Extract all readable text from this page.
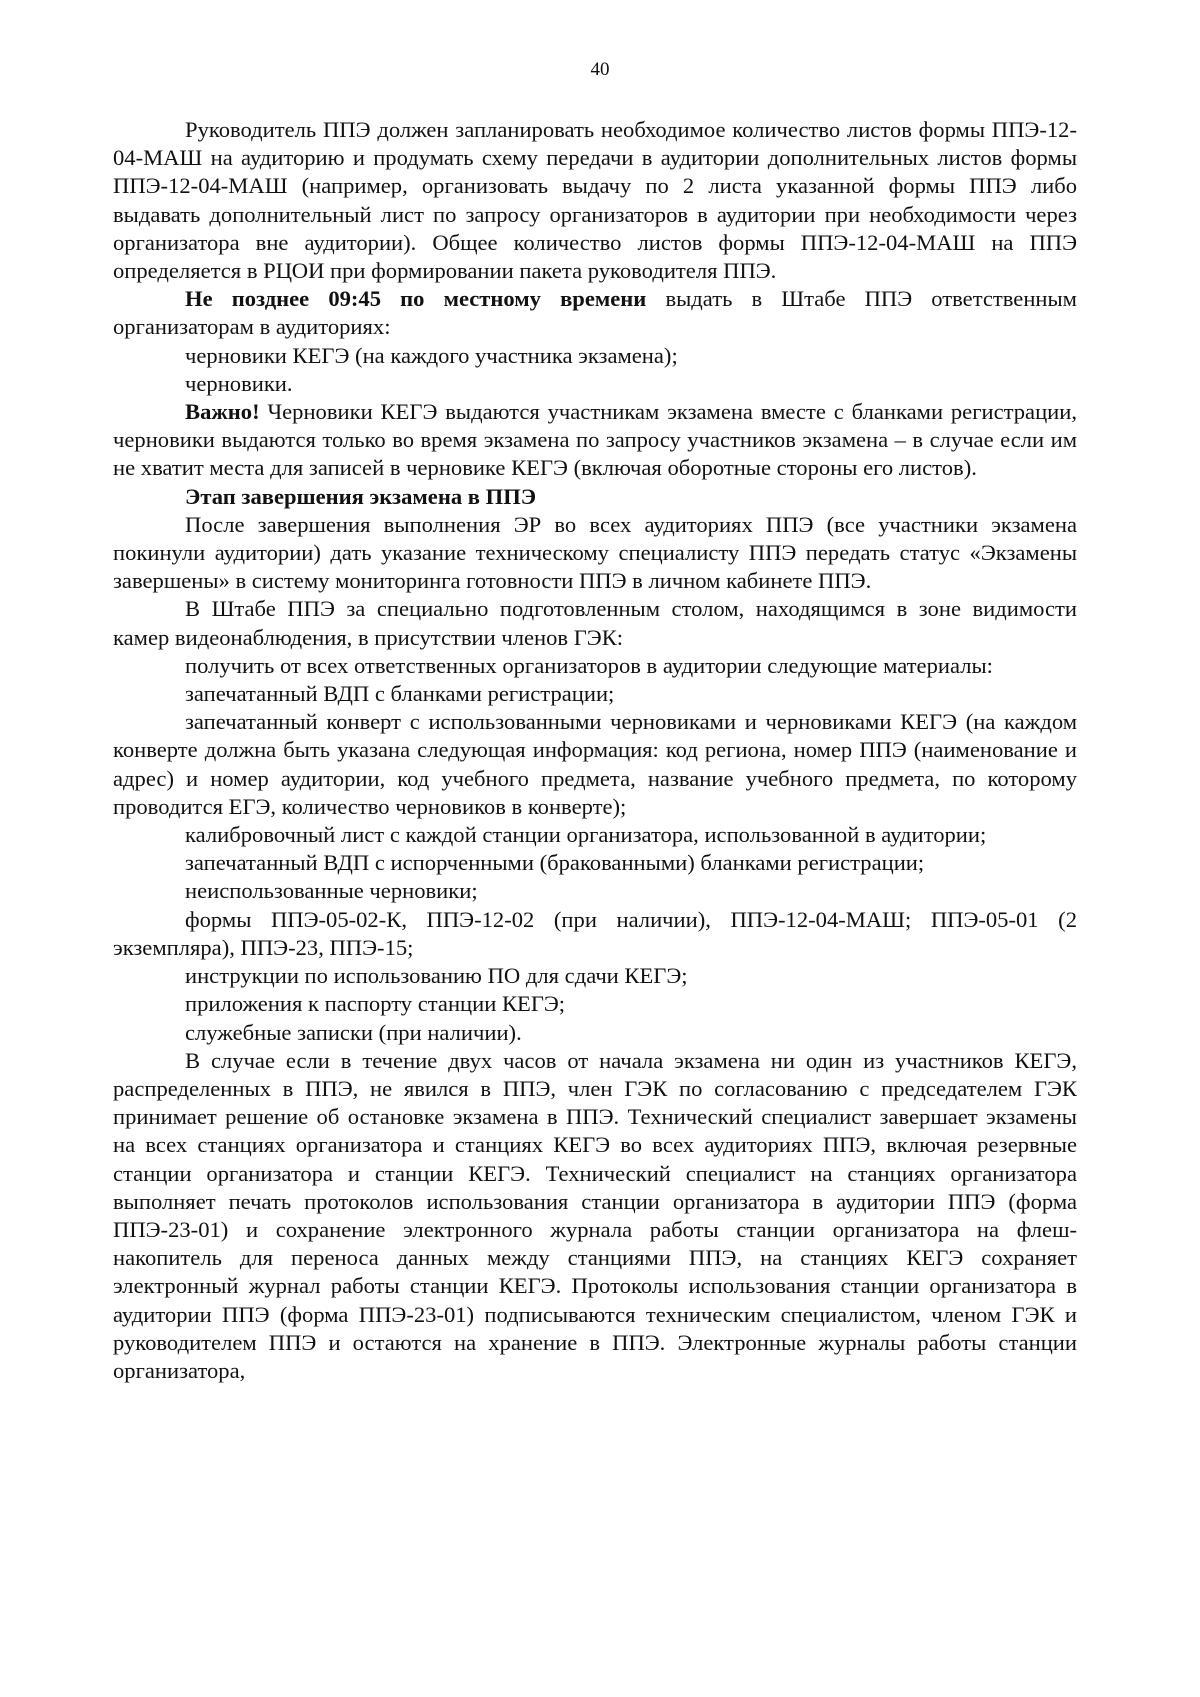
40

Руководитель ППЭ должен запланировать необходимое количество листов формы ППЭ-12-04-МАШ на аудиторию и продумать схему передачи в аудитории дополнительных листов формы ППЭ-12-04-МАШ (например, организовать выдачу по 2 листа указанной формы ППЭ либо выдавать дополнительный лист по запросу организаторов в аудитории при необходимости через организатора вне аудитории). Общее количество листов формы ППЭ-12-04-МАШ на ППЭ определяется в РЦОИ при формировании пакета руководителя ППЭ.

Не позднее 09:45 по местному времени выдать в Штабе ППЭ ответственным организаторам в аудиториях:

черновики КЕГЭ (на каждого участника экзамена);

черновики.

Важно! Черновики КЕГЭ выдаются участникам экзамена вместе с бланками регистрации, черновики выдаются только во время экзамена по запросу участников экзамена – в случае если им не хватит места для записей в черновике КЕГЭ (включая оборотные стороны его листов).

Этап завершения экзамена в ППЭ

После завершения выполнения ЭР во всех аудиториях ППЭ (все участники экзамена покинули аудитории) дать указание техническому специалисту ППЭ передать статус «Экзамены завершены» в систему мониторинга готовности ППЭ в личном кабинете ППЭ.

В Штабе ППЭ за специально подготовленным столом, находящимся в зоне видимости камер видеонаблюдения, в присутствии членов ГЭК:

получить от всех ответственных организаторов в аудитории следующие материалы:

запечатанный ВДП с бланками регистрации;

запечатанный конверт с использованными черновиками и черновиками КЕГЭ (на каждом конверте должна быть указана следующая информация: код региона, номер ППЭ (наименование и адрес) и номер аудитории, код учебного предмета, название учебного предмета, по которому проводится ЕГЭ, количество черновиков в конверте);

калибровочный лист с каждой станции организатора, использованной в аудитории;

запечатанный ВДП с испорченными (бракованными) бланками регистрации;

неиспользованные черновики;

формы ППЭ-05-02-К, ППЭ-12-02 (при наличии), ППЭ-12-04-МАШ; ППЭ-05-01 (2 экземпляра), ППЭ-23, ППЭ-15;

инструкции по использованию ПО для сдачи КЕГЭ;

приложения к паспорту станции КЕГЭ;

служебные записки (при наличии).

В случае если в течение двух часов от начала экзамена ни один из участников КЕГЭ, распределенных в ППЭ, не явился в ППЭ, член ГЭК по согласованию с председателем ГЭК принимает решение об остановке экзамена в ППЭ. Технический специалист завершает экзамены на всех станциях организатора и станциях КЕГЭ во всех аудиториях ППЭ, включая резервные станции организатора и станции КЕГЭ. Технический специалист на станциях организатора выполняет печать протоколов использования станции организатора в аудитории ППЭ (форма ППЭ-23-01) и сохранение электронного журнала работы станции организатора на флеш-накопитель для переноса данных между станциями ППЭ, на станциях КЕГЭ сохраняет электронный журнал работы станции КЕГЭ. Протоколы использования станции организатора в аудитории ППЭ (форма ППЭ-23-01) подписываются техническим специалистом, членом ГЭК и руководителем ППЭ и остаются на хранение в ППЭ. Электронные журналы работы станции организатора,
